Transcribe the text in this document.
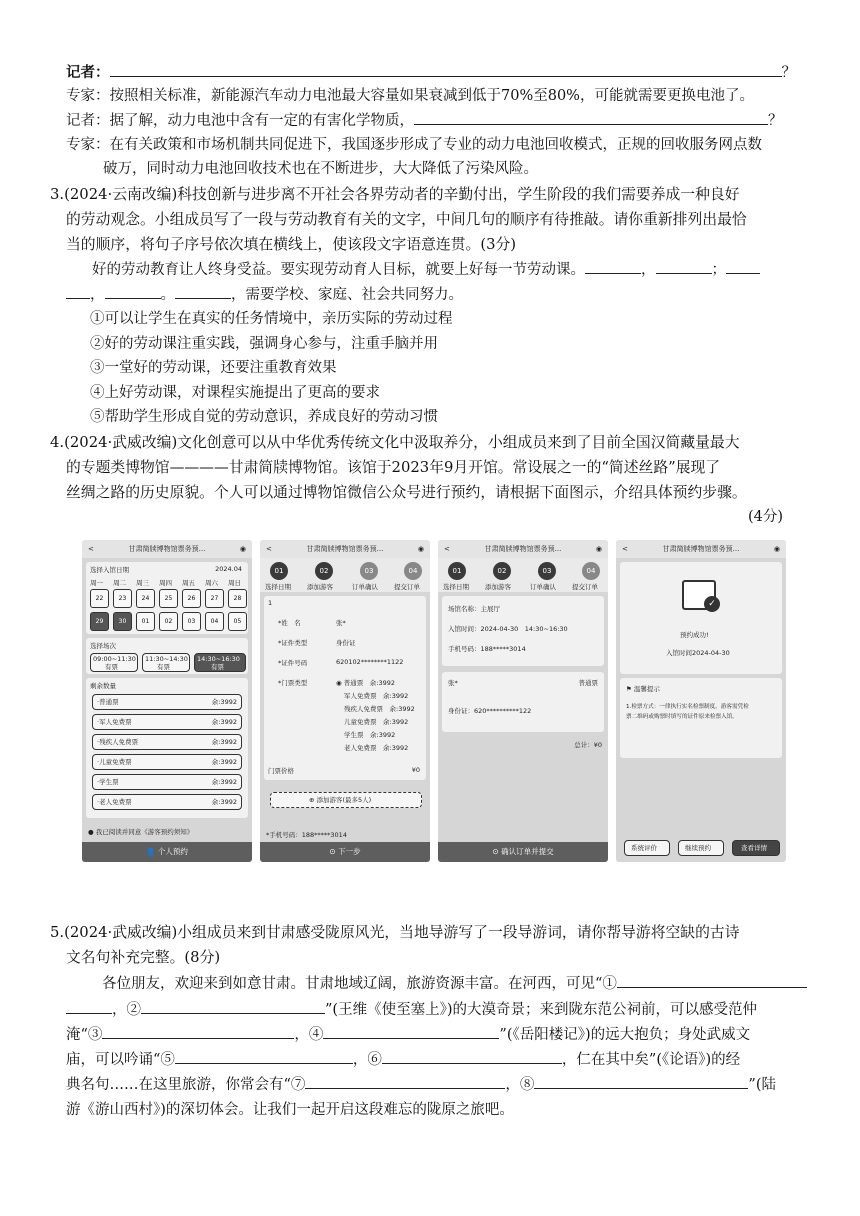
记者：	？
专家：按照相关标准，新能源汽车动力电池最大容量如果衰减到低于70%至80%，可能就需要更换电池了。
记者：据了解，动力电池中含有一定的有害化学物质，	？
专家：在有关政策和市场机制共同促进下，我国逐步形成了专业的动力电池回收模式，正规的回收服务网点数
破万，同时动力电池回收技术也在不断进步，大大降低了污染风险。
3.(2024·云南改编)科技创新与进步离不开社会各界劳动者的辛勤付出，学生阶段的我们需要养成一种良好
的劳动观念。小组成员写了一段与劳动教育有关的文字，中间几句的顺序有待推敲。请你重新排列出最恰
当的顺序，将句子序号依次填在横线上，使该段文字语意连贯。(3分)
好的劳动教育让人终身受益。要实现劳动育人目标，就要上好每一节劳动课。	，	；
，	。	，需要学校、家庭、社会共同努力。
①可以让学生在真实的任务情境中，亲历实际的劳动过程
②好的劳动课注重实践，强调身心参与，注重手脑并用
③一堂好的劳动课，还要注重教育效果
④上好劳动课，对课程实施提出了更高的要求
⑤帮助学生形成自觉的劳动意识，养成良好的劳动习惯
4.(2024·武威改编)文化创意可以从中华优秀传统文化中汲取养分，小组成员来到了目前全国汉简藏量最大
的专题类博物馆————甘肃简牍博物馆。该馆于2023年9月开馆。常设展之一的“简述丝路”展现了
丝绸之路的历史原貌。个人可以通过博物馆微信公众号进行预约，请根据下面图示，介绍具体预约步骤。
(4分)
<	甘肃简牍博物馆票务预...	◉
选择入馆日期	2024.04
周一 周二 周三 周四 周五 周六 周日
22	23	24	25	26	27	28
29	30	01	02	03	04	05
选择场次
09:00~11:30
有票
11:30~14:30
有票
14:30~16:30
有票
剩余数量
·普通票	余:3992
·军人免费票	余:3992
·残疾人免费票	余:3992
·儿童免费票	余:3992
·学生票	余:3992
·老人免费票	余:3992
● 我已阅读并同意《游客预约须知》
👤 个人预约
<	甘肃简牍博物馆票务预...	◉
01	02	03	04
选择日期 添加游客	订单确认 提交订单
1
*姓　名	张*
*证件类型	身份证
*证件号码	620102********1122
*门票类型	◉ 普通票　 余:3992
军人免费票　 余:3992
残疾人免费票　 余:3992
儿童免费票　 余:3992
学生票　 余:3992
老人免费票　 余:3992
门票价格	¥0
⊕ 添加游客(最多5人)
*手机号码：188*****3014
⊙ 下一步
<	甘肃简牍博物馆票务预...	◉
01	02	03	04
选择日期 添加游客	订单确认 提交订单
场馆名称：主展厅
入馆时间：2024-04-30　14:30~16:30
手机号码：188*****3014
张*	普通票
身份证：620**********122
总计：¥0
⊙ 确认订单并提交
<	甘肃简牍博物馆票务预...	◉
✓
预约成功!
入馆时间2024-04-30
⚑ 温馨提示
1.检票方式：一律执行实名检票制度。游客需凭检
票二维码或购票时填写的证件原来检票入馆。
系统评价	继续预约	查看详情
5.(2024·武威改编)小组成员来到甘肃感受陇原风光，当地导游写了一段导游词，请你帮导游将空缺的古诗
文名句补充完整。(8分)
各位朋友，欢迎来到如意甘肃。甘肃地域辽阔，旅游资源丰富。在河西，可见“①
，②	”(王维《使至塞上》)的大漠奇景；来到陇东范公祠前，可以感受范仲
淹“③	，④	”(《岳阳楼记》)的远大抱负；身处武威文
庙，可以吟诵“⑤	，⑥	，仁在其中矣”(《论语》)的经
典名句……在这里旅游，你常会有“⑦	，⑧	”(陆
游《游山西村》)的深切体会。让我们一起开启这段难忘的陇原之旅吧。
